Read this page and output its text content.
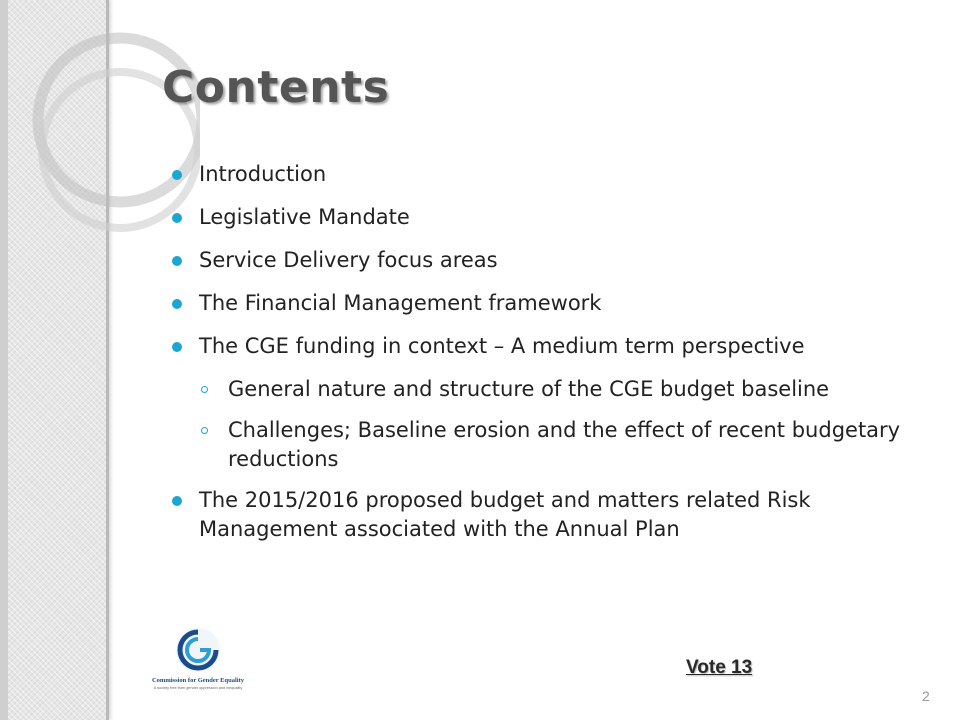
Contents
Introduction
Legislative Mandate
Service Delivery focus areas
The Financial Management framework
The CGE funding in context – A medium term perspective
General nature and structure of the CGE budget baseline
Challenges; Baseline erosion and the effect of recent budgetary reductions
The 2015/2016 proposed budget and matters related Risk Management associated with the Annual Plan
Commission for Gender Equality
A society free from gender oppression and inequality
Vote 13
2
